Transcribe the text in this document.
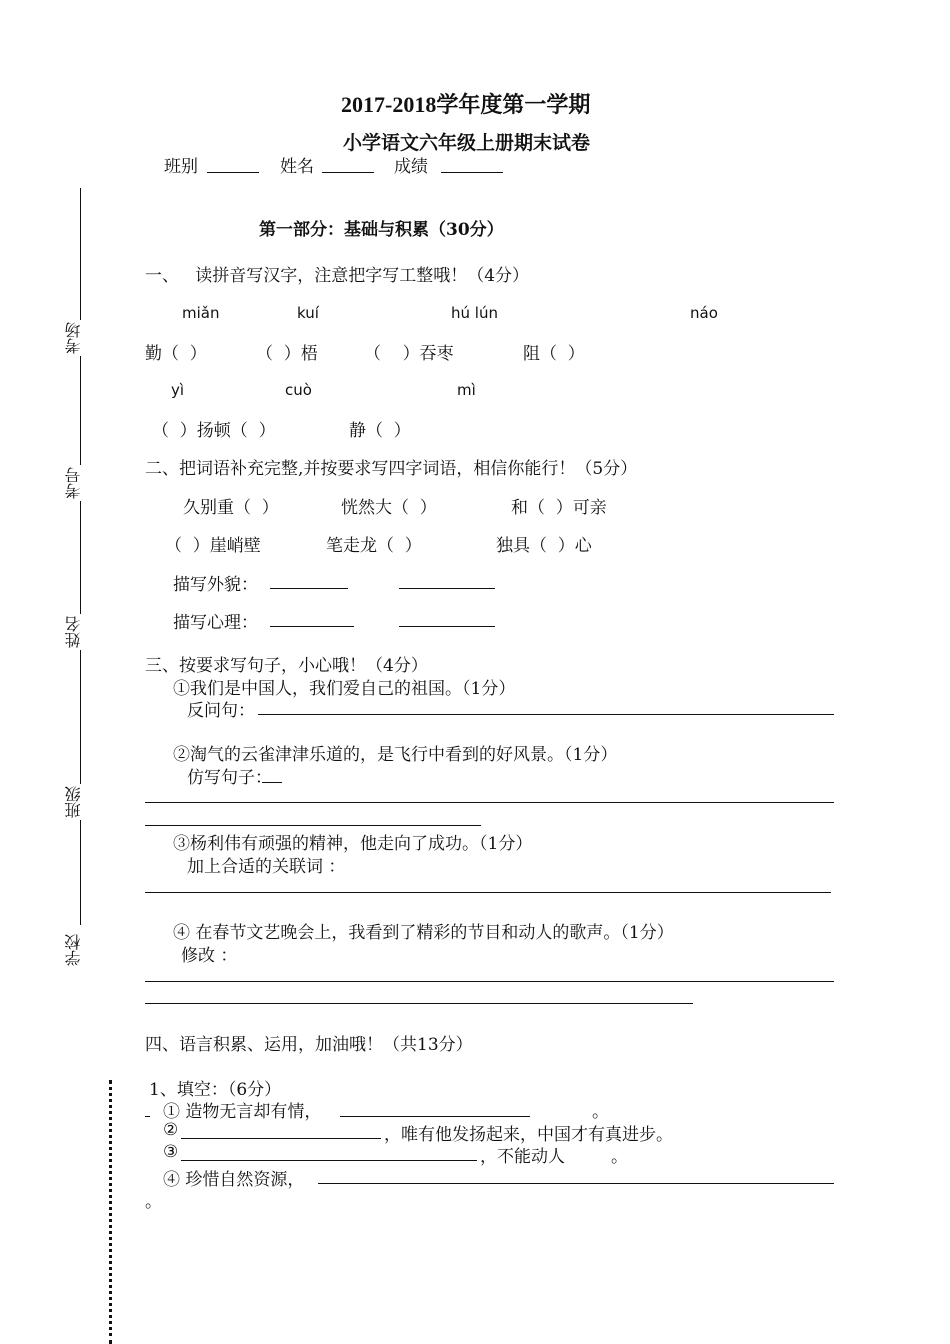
考场
考号
姓名
班级
学校
2017-2018学年度第一学期
小学语文六年级上册期末试卷
班别	姓名	成绩
第一部分：基础与积累（30分）
一、   读拼音写汉字，注意把字写工整哦！（4分）
miǎn	kuí	hú lún	náo
勤（  ）	（  ）梧	（    ）吞枣	阻（  ）
yì	cuò	mì
（  ）扬顿（  ）	静（  ）
二、把词语补充完整,并按要求写四字词语，相信你能行！（5分）
久别重（  ）	恍然大（  ）	和（  ）可亲
（  ）崖峭壁	笔走龙（  ）	独具（  ）心
描写外貌：
描写心理：
三、按要求写句子，小心哦！（4分）
①我们是中国人，我们爱自己的祖国。（1分）
反问句：
②淘气的云雀津津乐道的，是飞行中看到的好风景。（1分）
仿写句子：
③杨利伟有顽强的精神，他走向了成功。（1分）
加上合适的关联词 ：
④ 在春节文艺晚会上，我看到了精彩的节目和动人的歌声。（1分）
修改 ：
四、语言积累、运用，加油哦！（共13分）
1、填空：（6分）
① 造物无言却有情，	。
②	，唯有他发扬起来，中国才有真进步。
③	，不能动人	。
④ 珍惜自然资源，
。
